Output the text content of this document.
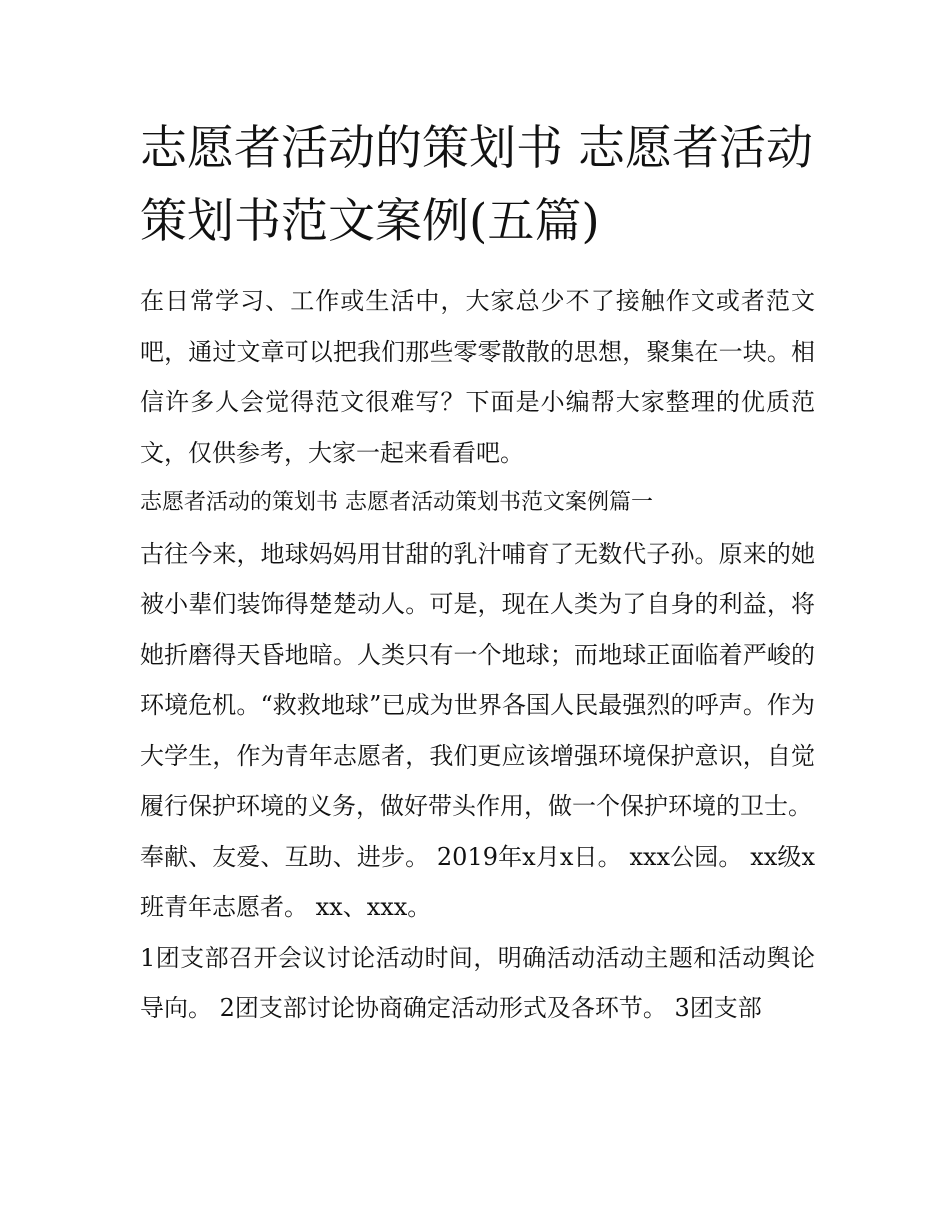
志愿者活动的策划书 志愿者活动策划书范文案例(五篇)

在日常学习、工作或生活中，大家总少不了接触作文或者范文吧，通过文章可以把我们那些零零散散的思想，聚集在一块。相信许多人会觉得范文很难写？下面是小编帮大家整理的优质范文，仅供参考，大家一起来看看吧。

志愿者活动的策划书 志愿者活动策划书范文案例篇一

古往今来，地球妈妈用甘甜的乳汁哺育了无数代子孙。原来的她被小辈们装饰得楚楚动人。可是，现在人类为了自身的利益，将她折磨得天昏地暗。人类只有一个地球；而地球正面临着严峻的环境危机。“救救地球”已成为世界各国人民最强烈的呼声。作为大学生，作为青年志愿者，我们更应该增强环境保护意识，自觉履行保护环境的义务，做好带头作用，做一个保护环境的卫士。

奉献、友爱、互助、进步。 2019年x月x日。 xxx公园。 xx级x班青年志愿者。 xx、xxx。

1团支部召开会议讨论活动时间，明确活动活动主题和活动舆论导向。 2团支部讨论协商确定活动形式及各环节。 3团支部
